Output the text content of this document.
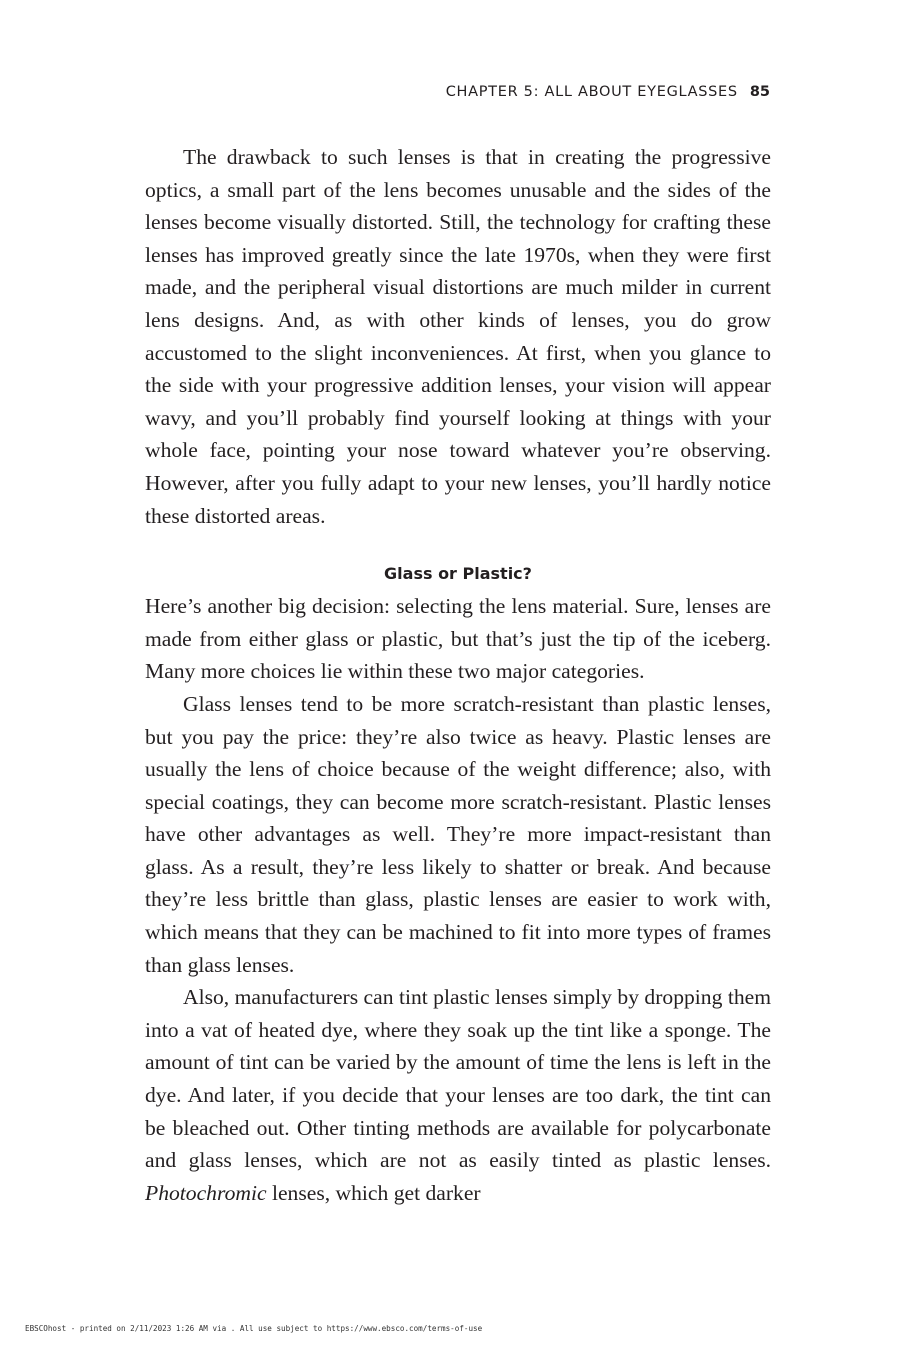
CHAPTER 5: ALL ABOUT EYEGLASSES 85

The drawback to such lenses is that in creating the progressive optics, a small part of the lens becomes unusable and the sides of the lenses become visually distorted. Still, the technology for crafting these lenses has improved greatly since the late 1970s, when they were first made, and the peripheral visual distortions are much milder in current lens designs. And, as with other kinds of lenses, you do grow accustomed to the slight inconveniences. At first, when you glance to the side with your progressive addition lenses, your vision will appear wavy, and you’ll probably find yourself looking at things with your whole face, pointing your nose toward whatever you’re observing. However, after you fully adapt to your new lenses, you’ll hardly notice these distorted areas.

Glass or Plastic?

Here’s another big decision: selecting the lens material. Sure, lenses are made from either glass or plastic, but that’s just the tip of the iceberg. Many more choices lie within these two major categories.

Glass lenses tend to be more scratch-resistant than plastic lenses, but you pay the price: they’re also twice as heavy. Plastic lenses are usually the lens of choice because of the weight difference; also, with special coatings, they can become more scratch-resistant. Plastic lenses have other advantages as well. They’re more impact-resistant than glass. As a result, they’re less likely to shatter or break. And because they’re less brittle than glass, plastic lenses are easier to work with, which means that they can be machined to fit into more types of frames than glass lenses.

Also, manufacturers can tint plastic lenses simply by dropping them into a vat of heated dye, where they soak up the tint like a sponge. The amount of tint can be varied by the amount of time the lens is left in the dye. And later, if you decide that your lenses are too dark, the tint can be bleached out. Other tinting methods are available for polycarbonate and glass lenses, which are not as easily tinted as plastic lenses. Photochromic lenses, which get darker

EBSCOhost - printed on 2/11/2023 1:26 AM via . All use subject to https://www.ebsco.com/terms-of-use
